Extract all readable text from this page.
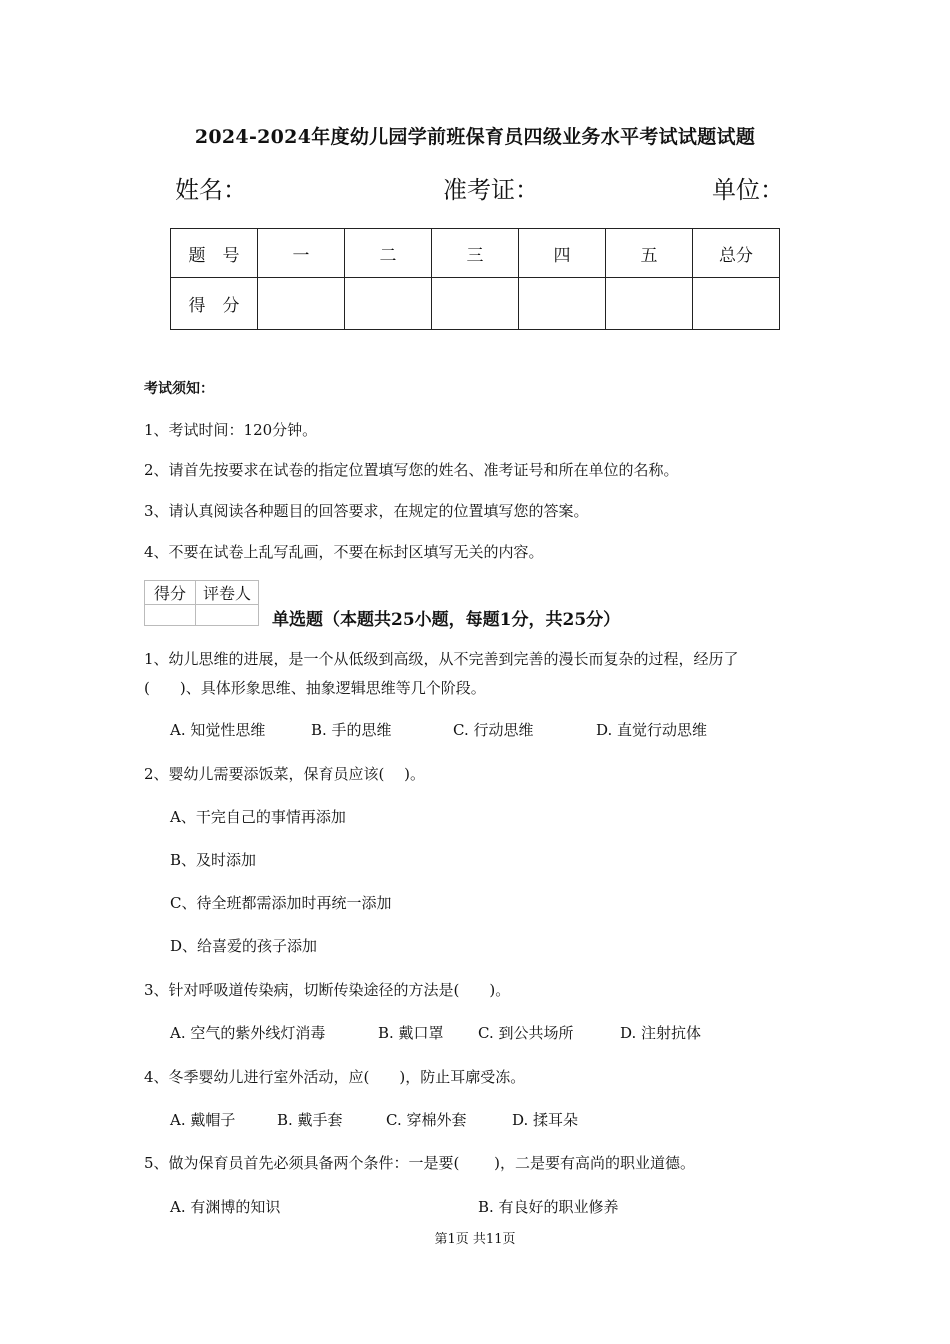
2024-2024年度幼儿园学前班保育员四级业务水平考试试题试题
姓名：	准考证：	单位：
题　号	一	二	三	四	五	总分
得　分						
考试须知：
1、考试时间：120分钟。
2、请首先按要求在试卷的指定位置填写您的姓名、准考证号和所在单位的名称。
3、请认真阅读各种题目的回答要求，在规定的位置填写您的答案。
4、不要在试卷上乱写乱画，不要在标封区填写无关的内容。
得分	评卷人

单选题（本题共25小题，每题1分，共25分）
1、幼儿思维的进展，是一个从低级到高级，从不完善到完善的漫长而复杂的过程，经历了
(　　)、具体形象思维、抽象逻辑思维等几个阶段。
A. 知觉性思维	B. 手的思维	C. 行动思维	D. 直觉行动思维
2、婴幼儿需要添饭菜，保育员应该(　 )。
A、干完自己的事情再添加
B、及时添加
C、待全班都需添加时再统一添加
D、给喜爱的孩子添加
3、针对呼吸道传染病，切断传染途径的方法是(　　)。
A. 空气的紫外线灯消毒	B. 戴口罩 C. 到公共场所	D. 注射抗体
4、冬季婴幼儿进行室外活动，应(　　)，防止耳廓受冻。
A. 戴帽子	B. 戴手套	C. 穿棉外套	D. 揉耳朵
5、做为保育员首先必须具备两个条件：一是要(　　 )，二是要有高尚的职业道德。
A. 有渊博的知识	B. 有良好的职业修养
第1页 共11页
